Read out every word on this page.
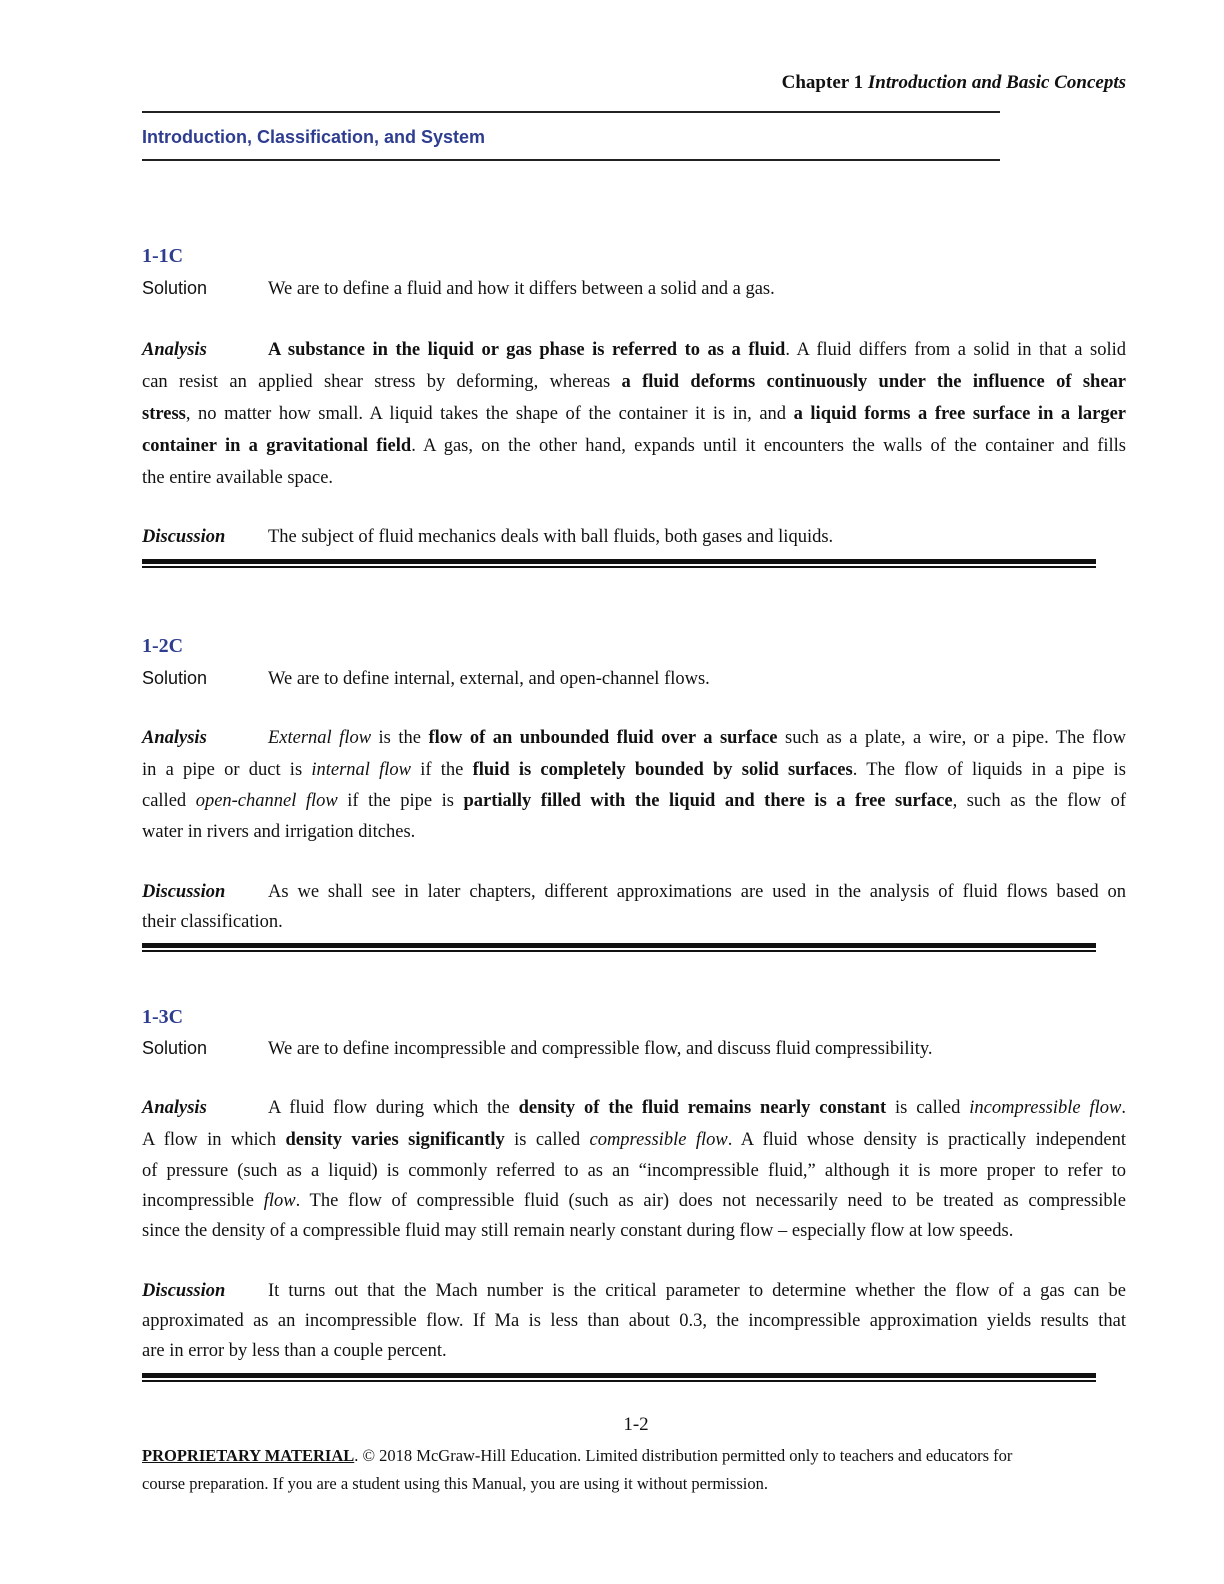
Chapter 1 Introduction and Basic Concepts
Introduction, Classification, and System
1-1C
Solution	We are to define a fluid and how it differs between a solid and a gas.
Analysis	A substance in the liquid or gas phase is referred to as a fluid. A fluid differs from a solid in that a solid
can resist an applied shear stress by deforming, whereas a fluid deforms continuously under the influence of shear
stress, no matter how small. A liquid takes the shape of the container it is in, and a liquid forms a free surface in a larger
container in a gravitational field. A gas, on the other hand, expands until it encounters the walls of the container and fills
the entire available space.
Discussion The subject of fluid mechanics deals with ball fluids, both gases and liquids.
1-2C
Solution	We are to define internal, external, and open-channel flows.
Analysis	External flow is the flow of an unbounded fluid over a surface such as a plate, a wire, or a pipe. The flow
in a pipe or duct is internal flow if the fluid is completely bounded by solid surfaces. The flow of liquids in a pipe is
called open-channel flow if the pipe is partially filled with the liquid and there is a free surface, such as the flow of
water in rivers and irrigation ditches.
Discussion As we shall see in later chapters, different approximations are used in the analysis of fluid flows based on
their classification.
1-3C
Solution	We are to define incompressible and compressible flow, and discuss fluid compressibility.
Analysis	A fluid flow during which the density of the fluid remains nearly constant is called incompressible flow.
A flow in which density varies significantly is called compressible flow. A fluid whose density is practically independent
of pressure (such as a liquid) is commonly referred to as an “incompressible fluid,” although it is more proper to refer to
incompressible flow. The flow of compressible fluid (such as air) does not necessarily need to be treated as compressible
since the density of a compressible fluid may still remain nearly constant during flow – especially flow at low speeds.
Discussion It turns out that the Mach number is the critical parameter to determine whether the flow of a gas can be
approximated as an incompressible flow. If Ma is less than about 0.3, the incompressible approximation yields results that
are in error by less than a couple percent.
1-2
PROPRIETARY MATERIAL. © 2018 McGraw-Hill Education. Limited distribution permitted only to teachers and educators for
course preparation. If you are a student using this Manual, you are using it without permission.
